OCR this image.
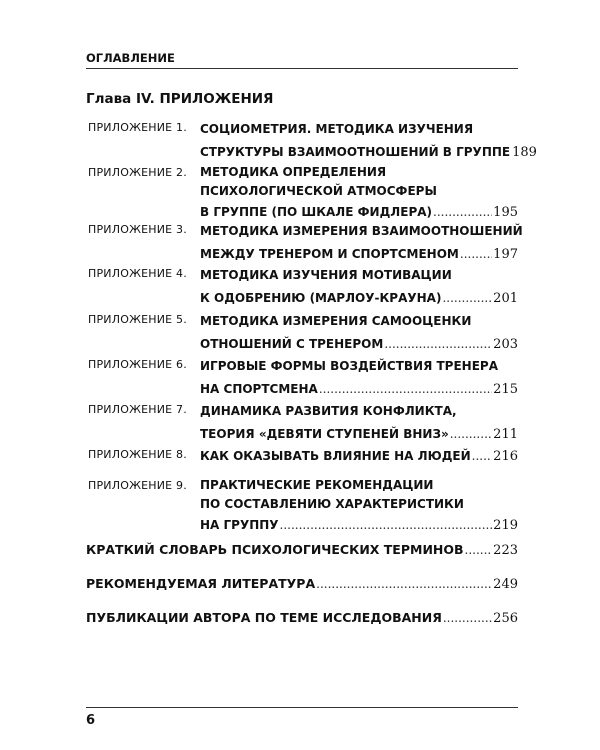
ОГЛАВЛЕНИЕ
Глава IV. ПРИЛОЖЕНИЯ
ПРИЛОЖЕНИЕ 1. СОЦИОМЕТРИЯ. МЕТОДИКА ИЗУЧЕНИЯ
СТРУКТУРЫ ВЗАИМООТНОШЕНИЙ В ГРУППЕ 189
ПРИЛОЖЕНИЕ 2. МЕТОДИКА ОПРЕДЕЛЕНИЯ
ПСИХОЛОГИЧЕСКОЙ АТМОСФЕРЫ
В ГРУППЕ (ПО ШКАЛЕ ФИДЛЕРА) .....	195
ПРИЛОЖЕНИЕ 3. МЕТОДИКА ИЗМЕРЕНИЯ ВЗАИМООТНОШЕНИЙ
МЕЖДУ ТРЕНЕРОМ И СПОРТСМЕНОМ .....	197
ПРИЛОЖЕНИЕ 4. МЕТОДИКА ИЗУЧЕНИЯ МОТИВАЦИИ
К ОДОБРЕНИЮ (МАРЛОУ-КРАУНА) .....	201
ПРИЛОЖЕНИЕ 5. МЕТОДИКА ИЗМЕРЕНИЯ САМООЦЕНКИ
ОТНОШЕНИЙ С ТРЕНЕРОМ .....	203
ПРИЛОЖЕНИЕ 6. ИГРОВЫЕ ФОРМЫ ВОЗДЕЙСТВИЯ ТРЕНЕРА
НА СПОРТСМЕНА .....	215
ПРИЛОЖЕНИЕ 7. ДИНАМИКА РАЗВИТИЯ КОНФЛИКТА,
ТЕОРИЯ «ДЕВЯТИ СТУПЕНЕЙ ВНИЗ» .....	211
ПРИЛОЖЕНИЕ 8. КАК ОКАЗЫВАТЬ ВЛИЯНИЕ НА ЛЮДЕЙ ..... 216
ПРИЛОЖЕНИЕ 9. ПРАКТИЧЕСКИЕ РЕКОМЕНДАЦИИ
ПО СОСТАВЛЕНИЮ ХАРАКТЕРИСТИКИ
НА ГРУППУ .....	219
КРАТКИЙ СЛОВАРЬ ПСИХОЛОГИЧЕСКИХ ТЕРМИНОВ ..... 223
РЕКОМЕНДУЕМАЯ ЛИТЕРАТУРА .....	249
ПУБЛИКАЦИИ АВТОРА ПО ТЕМЕ ИССЛЕДОВАНИЯ .....	256
6
